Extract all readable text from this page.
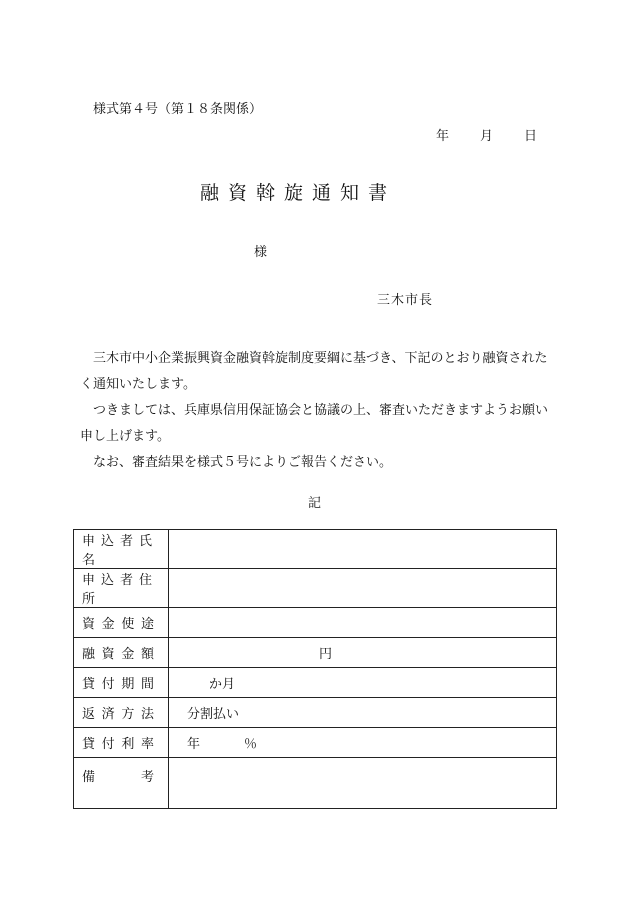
様式第４号（第１８条関係）
年 月 日
融資斡旋通知書
様
三木市長

　三木市中小企業振興資金融資斡旋制度要綱に基づき、下記のとおり融資されたく通知いたします。

　つきましては、兵庫県信用保証協会と協議の上、審査いただきますようお願い申し上げます。

　なお、審査結果を様式５号によりご報告ください。

記
申込者氏名	
申込者住所	

資 金 使 途	

融 資 金 額	円

貸 付 期 間	か月

返 済 方 法	分割払い

貸 付 利 率	年 ％

備 考	
